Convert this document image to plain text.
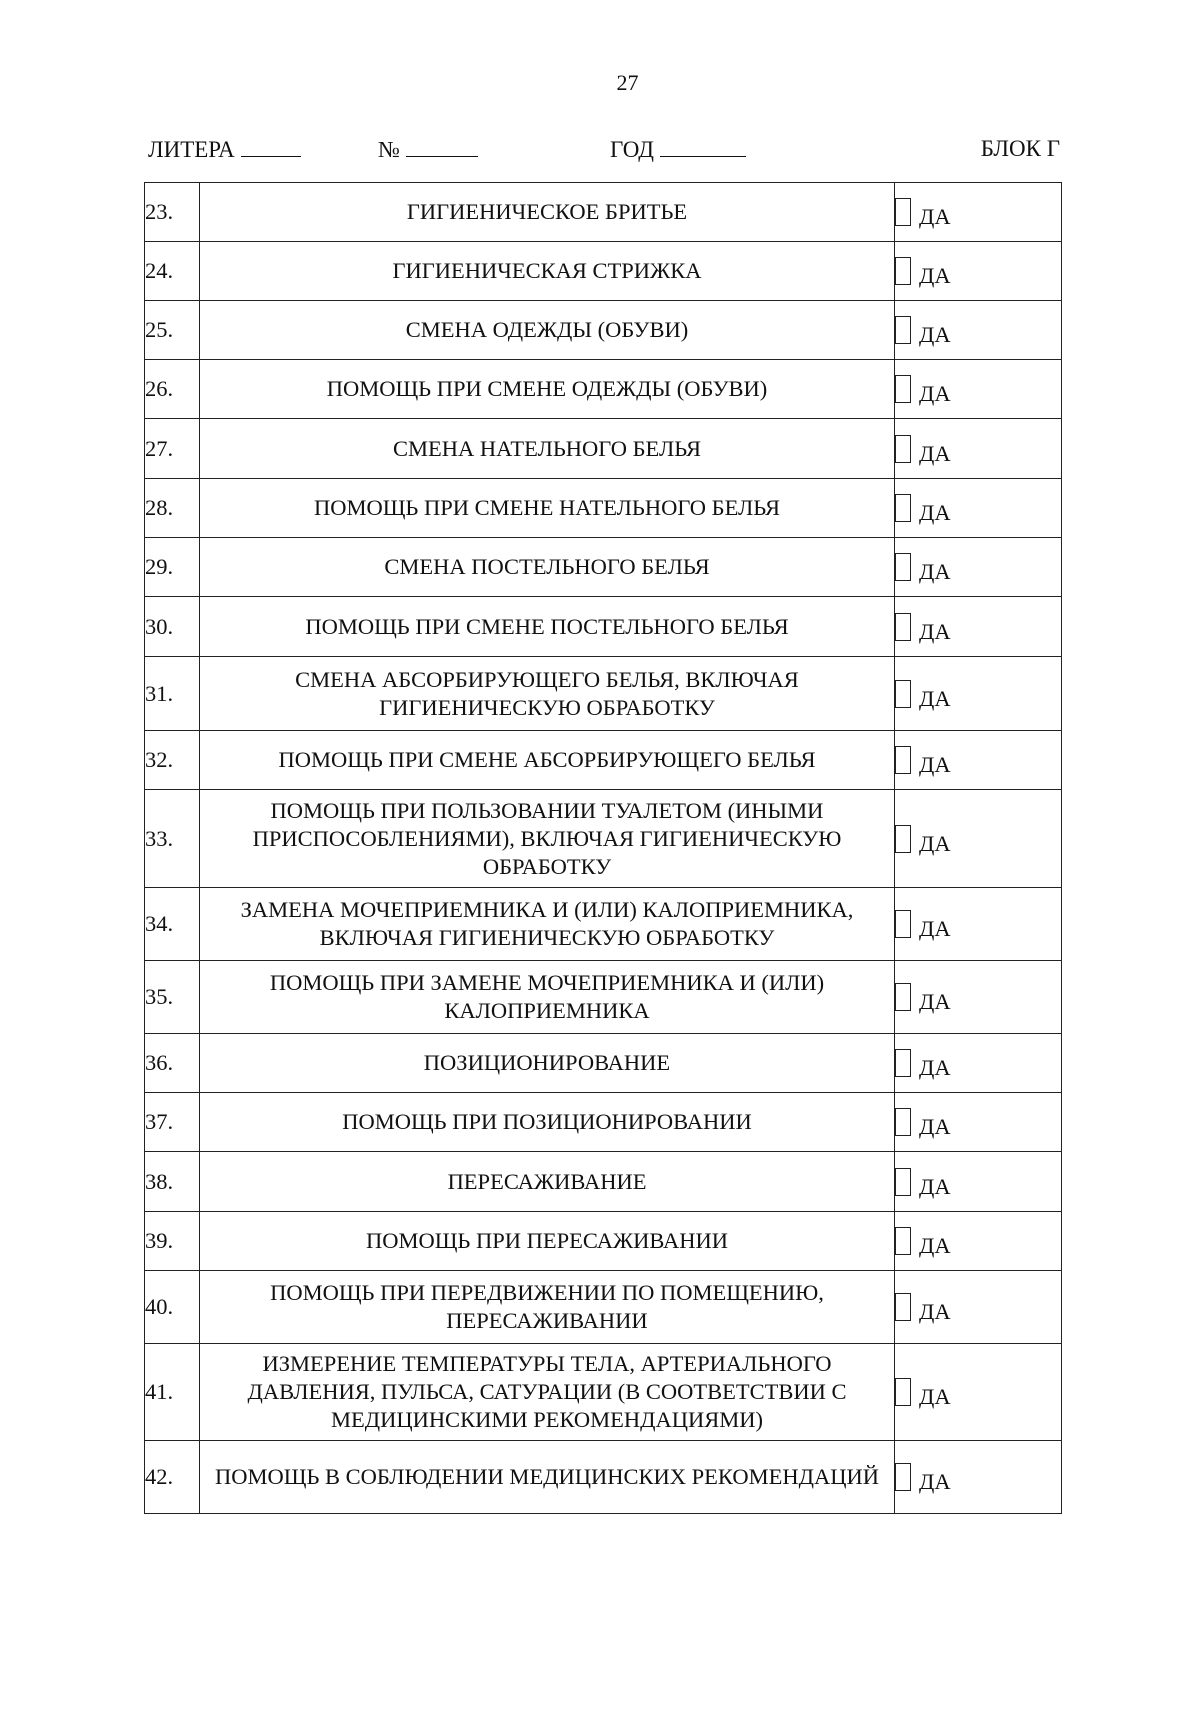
27
ЛИТЕРА	№	ГОД	БЛОК Г
23.	ГИГИЕНИЧЕСКОЕ БРИТЬЕ	ДА
24.	ГИГИЕНИЧЕСКАЯ СТРИЖКА	ДА
25.	СМЕНА ОДЕЖДЫ (ОБУВИ)	ДА
26.	ПОМОЩЬ ПРИ СМЕНЕ ОДЕЖДЫ (ОБУВИ)	ДА
27.	СМЕНА НАТЕЛЬНОГО БЕЛЬЯ	ДА
28.	ПОМОЩЬ ПРИ СМЕНЕ НАТЕЛЬНОГО БЕЛЬЯ	ДА
29.	СМЕНА ПОСТЕЛЬНОГО БЕЛЬЯ	ДА
30.	ПОМОЩЬ ПРИ СМЕНЕ ПОСТЕЛЬНОГО БЕЛЬЯ	ДА
31.	СМЕНА АБСОРБИРУЮЩЕГО БЕЛЬЯ, ВКЛЮЧАЯ ГИГИЕНИЧЕСКУЮ ОБРАБОТКУ	ДА
32.	ПОМОЩЬ ПРИ СМЕНЕ АБСОРБИРУЮЩЕГО БЕЛЬЯ	ДА
33.	ПОМОЩЬ ПРИ ПОЛЬЗОВАНИИ ТУАЛЕТОМ (ИНЫМИ ПРИСПОСОБЛЕНИЯМИ), ВКЛЮЧАЯ ГИГИЕНИЧЕСКУЮ ОБРАБОТКУ	ДА
34.	ЗАМЕНА МОЧЕПРИЕМНИКА И (ИЛИ) КАЛОПРИЕМНИКА, ВКЛЮЧАЯ ГИГИЕНИЧЕСКУЮ ОБРАБОТКУ	ДА
35.	ПОМОЩЬ ПРИ ЗАМЕНЕ МОЧЕПРИЕМНИКА И (ИЛИ) КАЛОПРИЕМНИКА	ДА
36.	ПОЗИЦИОНИРОВАНИЕ	ДА
37.	ПОМОЩЬ ПРИ ПОЗИЦИОНИРОВАНИИ	ДА
38.	ПЕРЕСАЖИВАНИЕ	ДА
39.	ПОМОЩЬ ПРИ ПЕРЕСАЖИВАНИИ	ДА
40.	ПОМОЩЬ ПРИ ПЕРЕДВИЖЕНИИ ПО ПОМЕЩЕНИЮ, ПЕРЕСАЖИВАНИИ	ДА
41.	ИЗМЕРЕНИЕ ТЕМПЕРАТУРЫ ТЕЛА, АРТЕРИАЛЬНОГО ДАВЛЕНИЯ, ПУЛЬСА, САТУРАЦИИ (В СООТВЕТСТВИИ С МЕДИЦИНСКИМИ РЕКОМЕНДАЦИЯМИ)	ДА
42.	ПОМОЩЬ В СОБЛЮДЕНИИ МЕДИЦИНСКИХ РЕКОМЕНДАЦИЙ	ДА
